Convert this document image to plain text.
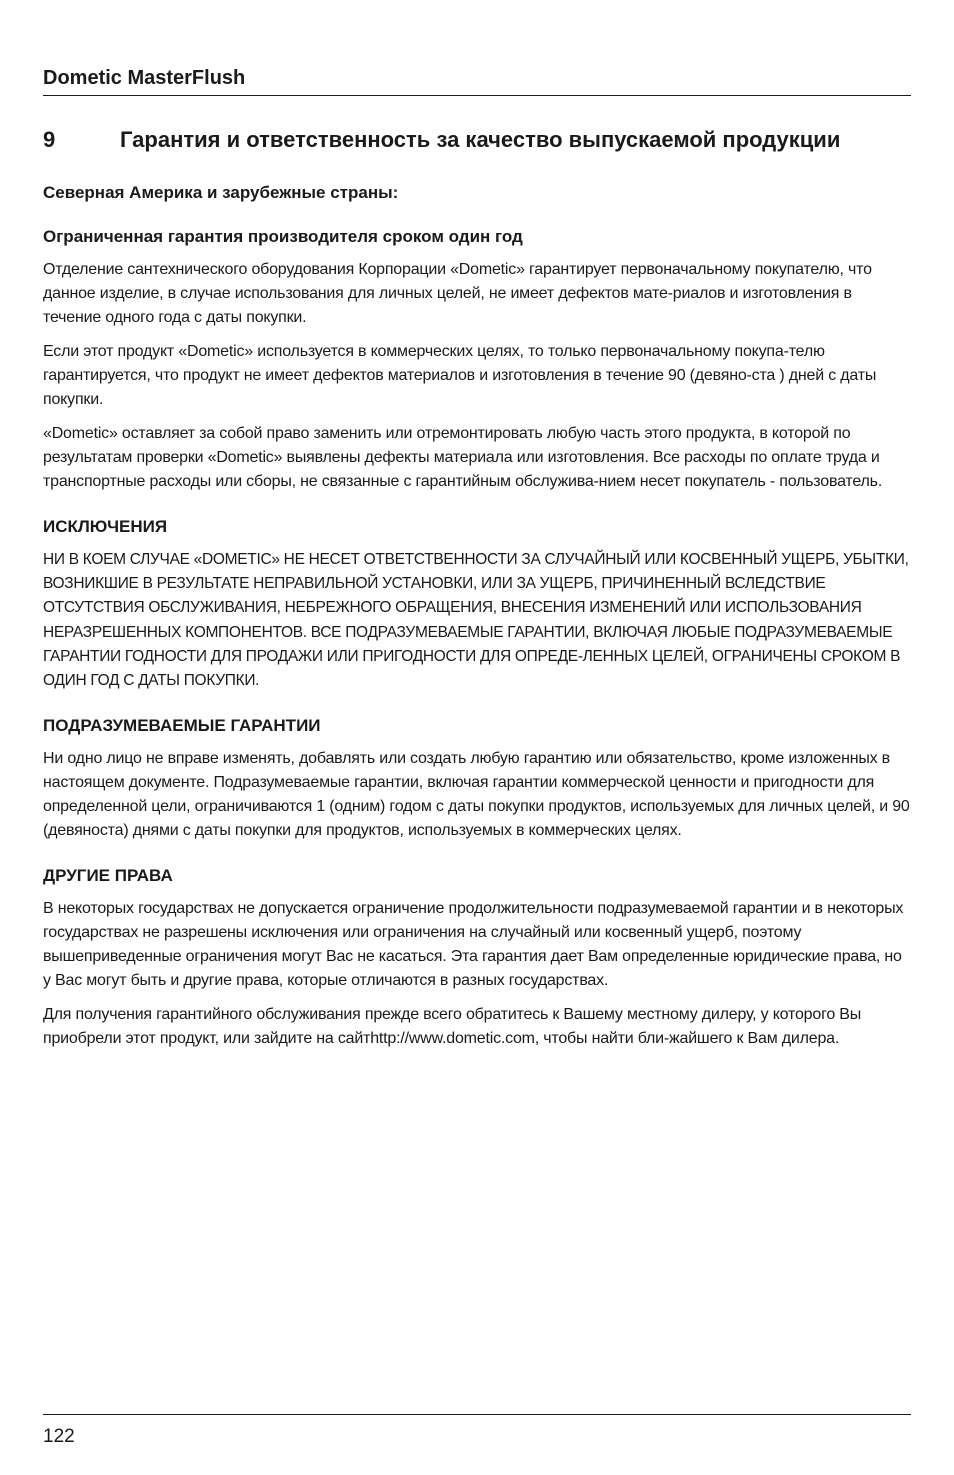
Dometic MasterFlush
9	Гарантия и ответственность за качество выпускаемой продукции
Северная Америка и зарубежные страны:
Ограниченная гарантия производителя сроком один год

Отделение сантехнического оборудования Корпорации «Dometic» гарантирует первоначальному покупателю, что данное изделие, в случае использования для личных целей, не имеет дефектов мате-риалов и изготовления в течение одного года с даты покупки.

Если этот продукт «Dometic» используется в коммерческих целях, то только первоначальному покупа-телю гарантируется, что продукт не имеет дефектов материалов и изготовления в течение 90 (девяно-ста ) дней с даты покупки.

«Dometic» оставляет за собой право заменить или отремонтировать любую часть этого продукта, в которой по результатам проверки «Dometic» выявлены дефекты материала или изготовления. Все расходы по оплате труда и транспортные расходы или сборы, не связанные с гарантийным обслужива-нием несет покупатель - пользователь.

ИСКЛЮЧЕНИЯ

НИ В КОЕМ СЛУЧАЕ «DOMETIC» НЕ НЕСЕТ ОТВЕТСТВЕННОСТИ ЗА СЛУЧАЙНЫЙ ИЛИ КОСВЕННЫЙ УЩЕРБ, УБЫТКИ, ВОЗНИКШИЕ В РЕЗУЛЬТАТЕ НЕПРАВИЛЬНОЙ УСТАНОВКИ, ИЛИ ЗА УЩЕРБ, ПРИЧИНЕННЫЙ ВСЛЕДСТВИЕ ОТСУТСТВИЯ ОБСЛУЖИВАНИЯ, НЕБРЕЖНОГО ОБРАЩЕНИЯ, ВНЕСЕНИЯ ИЗМЕНЕНИЙ ИЛИ ИСПОЛЬЗОВАНИЯ НЕРАЗРЕШЕННЫХ КОМПОНЕНТОВ. ВСЕ ПОДРАЗУМЕВАЕМЫЕ ГАРАНТИИ, ВКЛЮЧАЯ ЛЮБЫЕ ПОДРАЗУМЕВАЕМЫЕ ГАРАНТИИ ГОДНОСТИ ДЛЯ ПРОДАЖИ ИЛИ ПРИГОДНОСТИ ДЛЯ ОПРЕДЕ-ЛЕННЫХ ЦЕЛЕЙ, ОГРАНИЧЕНЫ СРОКОМ В ОДИН ГОД С ДАТЫ ПОКУПКИ.

ПОДРАЗУМЕВАЕМЫЕ ГАРАНТИИ

Ни одно лицо не вправе изменять, добавлять или создать любую гарантию или обязательство, кроме изложенных в настоящем документе. Подразумеваемые гарантии, включая гарантии коммерческой ценности и пригодности для определенной цели, ограничиваются 1 (одним) годом с даты покупки продуктов, используемых для личных целей, и 90 (девяноста) днями с даты покупки для продуктов, используемых в коммерческих целях.

ДРУГИЕ ПРАВА

В некоторых государствах не допускается ограничение продолжительности подразумеваемой гарантии и в некоторых государствах не разрешены исключения или ограничения на случайный или косвенный ущерб, поэтому вышеприведенные ограничения могут Вас не касаться. Эта гарантия дает Вам определенные юридические права, но у Вас могут быть и другие права, которые отличаются в разных государствах.

Для получения гарантийного обслуживания прежде всего обратитесь к Вашему местному дилеру, у которого Вы приобрели этот продукт, или зайдите на сайтhttp://www.dometic.com, чтобы найти бли-жайшего к Вам дилера.

122
